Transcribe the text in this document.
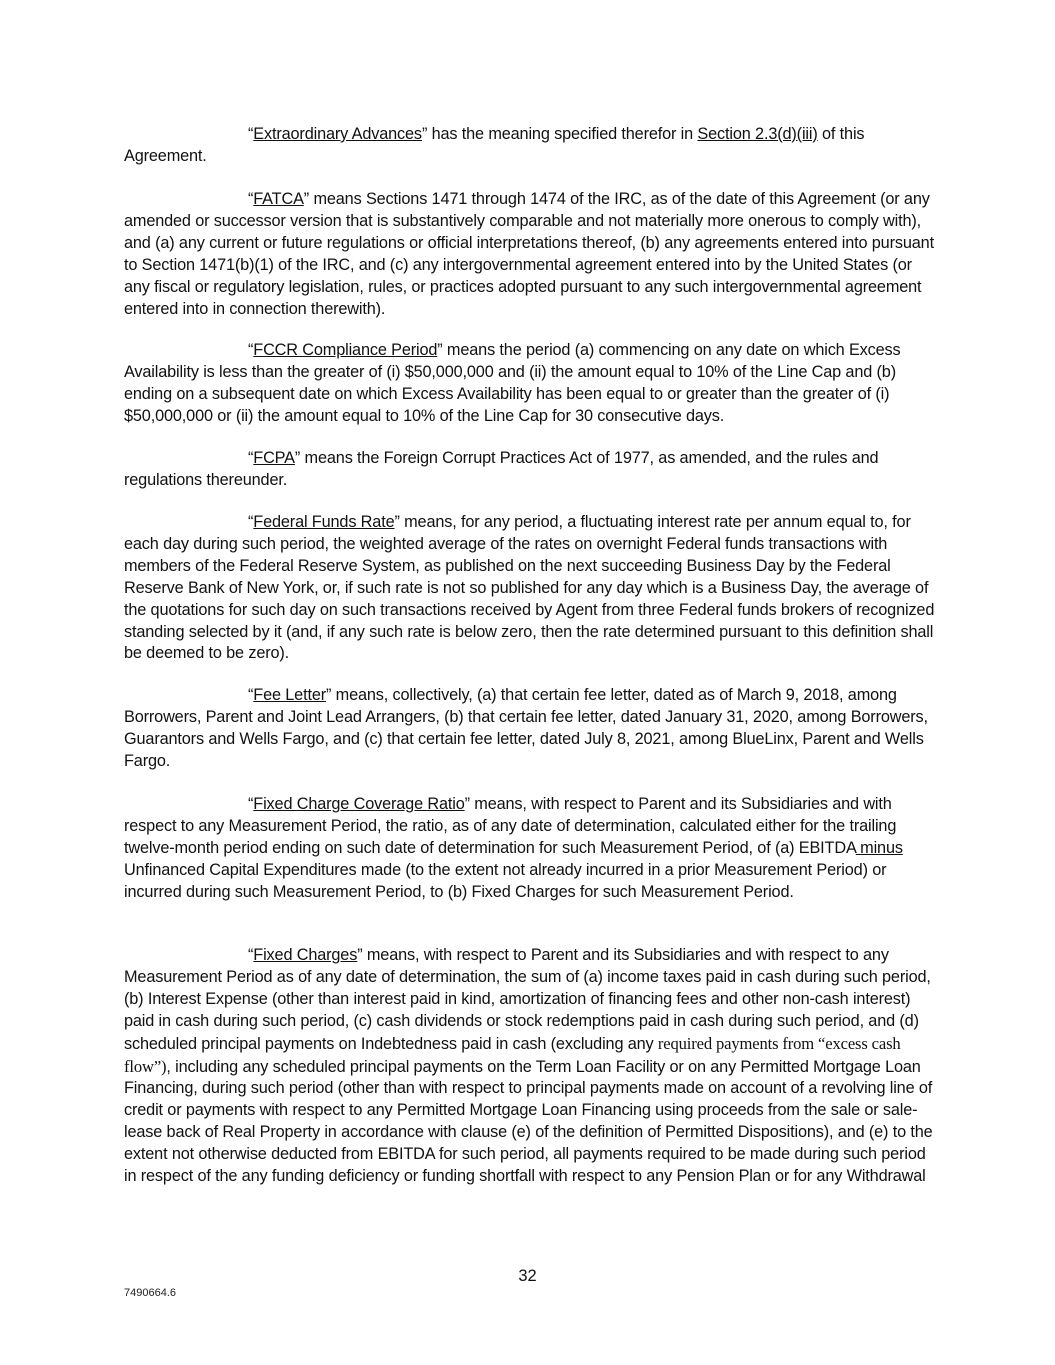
“Extraordinary Advances” has the meaning specified therefor in Section 2.3(d)(iii) of this Agreement.

“FATCA” means Sections 1471 through 1474 of the IRC, as of the date of this Agreement (or any amended or successor version that is substantively comparable and not materially more onerous to comply with), and (a) any current or future regulations or official interpretations thereof, (b) any agreements entered into pursuant to Section 1471(b)(1) of the IRC, and (c) any intergovernmental agreement entered into by the United States (or any fiscal or regulatory legislation, rules, or practices adopted pursuant to any such intergovernmental agreement entered into in connection therewith).

“FCCR Compliance Period” means the period (a) commencing on any date on which Excess Availability is less than the greater of (i) $50,000,000 and (ii) the amount equal to 10% of the Line Cap and (b) ending on a subsequent date on which Excess Availability has been equal to or greater than the greater of (i) $50,000,000 or (ii) the amount equal to 10% of the Line Cap for 30 consecutive days.

“FCPA” means the Foreign Corrupt Practices Act of 1977, as amended, and the rules and regulations thereunder.

“Federal Funds Rate” means, for any period, a fluctuating interest rate per annum equal to, for each day during such period, the weighted average of the rates on overnight Federal funds transactions with members of the Federal Reserve System, as published on the next succeeding Business Day by the Federal Reserve Bank of New York, or, if such rate is not so published for any day which is a Business Day, the average of the quotations for such day on such transactions received by Agent from three Federal funds brokers of recognized standing selected by it (and, if any such rate is below zero, then the rate determined pursuant to this definition shall be deemed to be zero).

“Fee Letter” means, collectively, (a) that certain fee letter, dated as of March 9, 2018, among Borrowers, Parent and Joint Lead Arrangers, (b) that certain fee letter, dated January 31, 2020, among Borrowers, Guarantors and Wells Fargo, and (c) that certain fee letter, dated July 8, 2021, among BlueLinx, Parent and Wells Fargo.

“Fixed Charge Coverage Ratio” means, with respect to Parent and its Subsidiaries and with respect to any Measurement Period, the ratio, as of any date of determination, calculated either for the trailing twelve-month period ending on such date of determination for such Measurement Period, of (a) EBITDA minus Unfinanced Capital Expenditures made (to the extent not already incurred in a prior Measurement Period) or incurred during such Measurement Period, to (b) Fixed Charges for such Measurement Period.

“Fixed Charges” means, with respect to Parent and its Subsidiaries and with respect to any Measurement Period as of any date of determination, the sum of (a) income taxes paid in cash during such period, (b) Interest Expense (other than interest paid in kind, amortization of financing fees and other non-cash interest) paid in cash during such period, (c) cash dividends or stock redemptions paid in cash during such period, and (d) scheduled principal payments on Indebtedness paid in cash (excluding any required payments from “excess cash flow”), including any scheduled principal payments on the Term Loan Facility or on any Permitted Mortgage Loan Financing, during such period (other than with respect to principal payments made on account of a revolving line of credit or payments with respect to any Permitted Mortgage Loan Financing using proceeds from the sale or sale-lease back of Real Property in accordance with clause (e) of the definition of Permitted Dispositions), and (e) to the extent not otherwise deducted from EBITDA for such period, all payments required to be made during such period in respect of the any funding deficiency or funding shortfall with respect to any Pension Plan or for any Withdrawal

32
7490664.6
